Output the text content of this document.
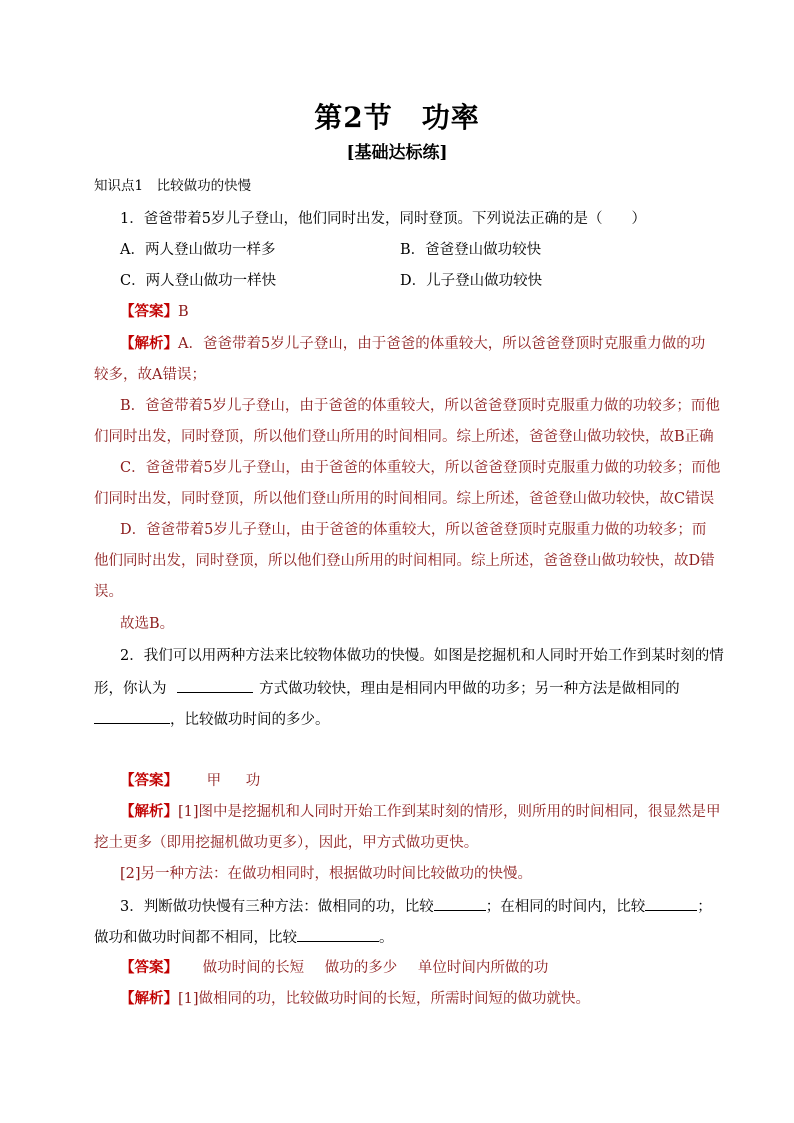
第2节　功率
[基础达标练]
知识点1　比较做功的快慢
1．爸爸带着5岁儿子登山，他们同时出发，同时登顶。下列说法正确的是（　　）
A．两人登山做功一样多	B．爸爸登山做功较快
C．两人登山做功一样快	D．儿子登山做功较快
【答案】B
【解析】A．爸爸带着5岁儿子登山，由于爸爸的体重较大，所以爸爸登顶时克服重力做的功
较多，故A错误；
B．爸爸带着5岁儿子登山，由于爸爸的体重较大，所以爸爸登顶时克服重力做的功较多；而他
们同时出发，同时登顶，所以他们登山所用的时间相同。综上所述，爸爸登山做功较快，故B正确
C．爸爸带着5岁儿子登山，由于爸爸的体重较大，所以爸爸登顶时克服重力做的功较多；而他
们同时出发，同时登顶，所以他们登山所用的时间相同。综上所述，爸爸登山做功较快，故C错误
D．爸爸带着5岁儿子登山，由于爸爸的体重较大，所以爸爸登顶时克服重力做的功较多；而
他们同时出发，同时登顶，所以他们登山所用的时间相同。综上所述，爸爸登山做功较快，故D错
误。
故选B。
2．我们可以用两种方法来比较物体做功的快慢。如图是挖掘机和人同时开始工作到某时刻的情
形，你认为	方式做功较快，理由是相同内甲做的功多；另一种方法是做相同的
，比较做功时间的多少。
【答案】 甲 功
【解析】[1]图中是挖掘机和人同时开始工作到某时刻的情形，则所用的时间相同，很显然是甲
挖土更多（即用挖掘机做功更多），因此，甲方式做功更快。
[2]另一种方法：在做功相同时，根据做功时间比较做功的快慢。
3．判断做功快慢有三种方法：做相同的功，比较	；在相同的时间内，比较	；
做功和做功时间都不相同，比较	。
【答案】 做功时间的长短 做功的多少 单位时间内所做的功
【解析】[1]做相同的功，比较做功时间的长短，所需时间短的做功就快。
